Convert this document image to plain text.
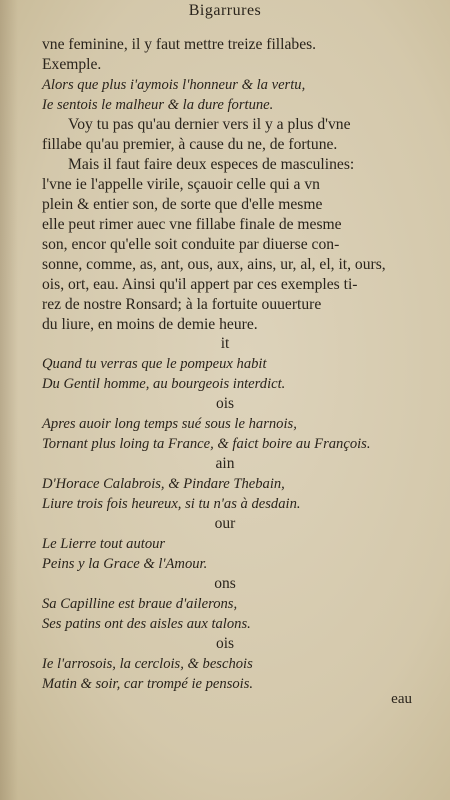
Bigarrures
vne feminine, il y faut mettre treize fillabes.
Exemple.
Alors que plus i'aymois l'honneur & la vertu,
Ie sentois le malheur & la dure fortune.
Voy tu pas qu'au dernier vers il y a plus d'vne
fillabe qu'au premier, à cause du ne, de fortune.
Mais il faut faire deux especes de masculines:
l'vne ie l'appelle virile, sçauoir celle qui a vn
plein & entier son, de sorte que d'elle mesme
elle peut rimer auec vne fillabe finale de mesme
son, encor qu'elle soit conduite par diuerse con-
sonne, comme, as, ant, ous, aux, ains, ur, al, el, it, ours,
ois, ort, eau. Ainsi qu'il appert par ces exemples ti-
rez de nostre Ronsard; à la fortuite ouuerture
du liure, en moins de demie heure.
it
Quand tu verras que le pompeux habit
Du Gentil homme, au bourgeois interdict.
ois
Apres auoir long temps sué sous le harnois,
Tornant plus loing ta France, & faict boire au François.
ain
D'Horace Calabrois, & Pindare Thebain,
Liure trois fois heureux, si tu n'as à desdain.
our
Le Lierre tout autour
Peins y la Grace & l'Amour.
ons
Sa Capilline est braue d'ailerons,
Ses patins ont des aisles aux talons.
ois
Ie l'arrosois, la cerclois, & beschois
Matin & soir, car trompé ie pensois.
eau
